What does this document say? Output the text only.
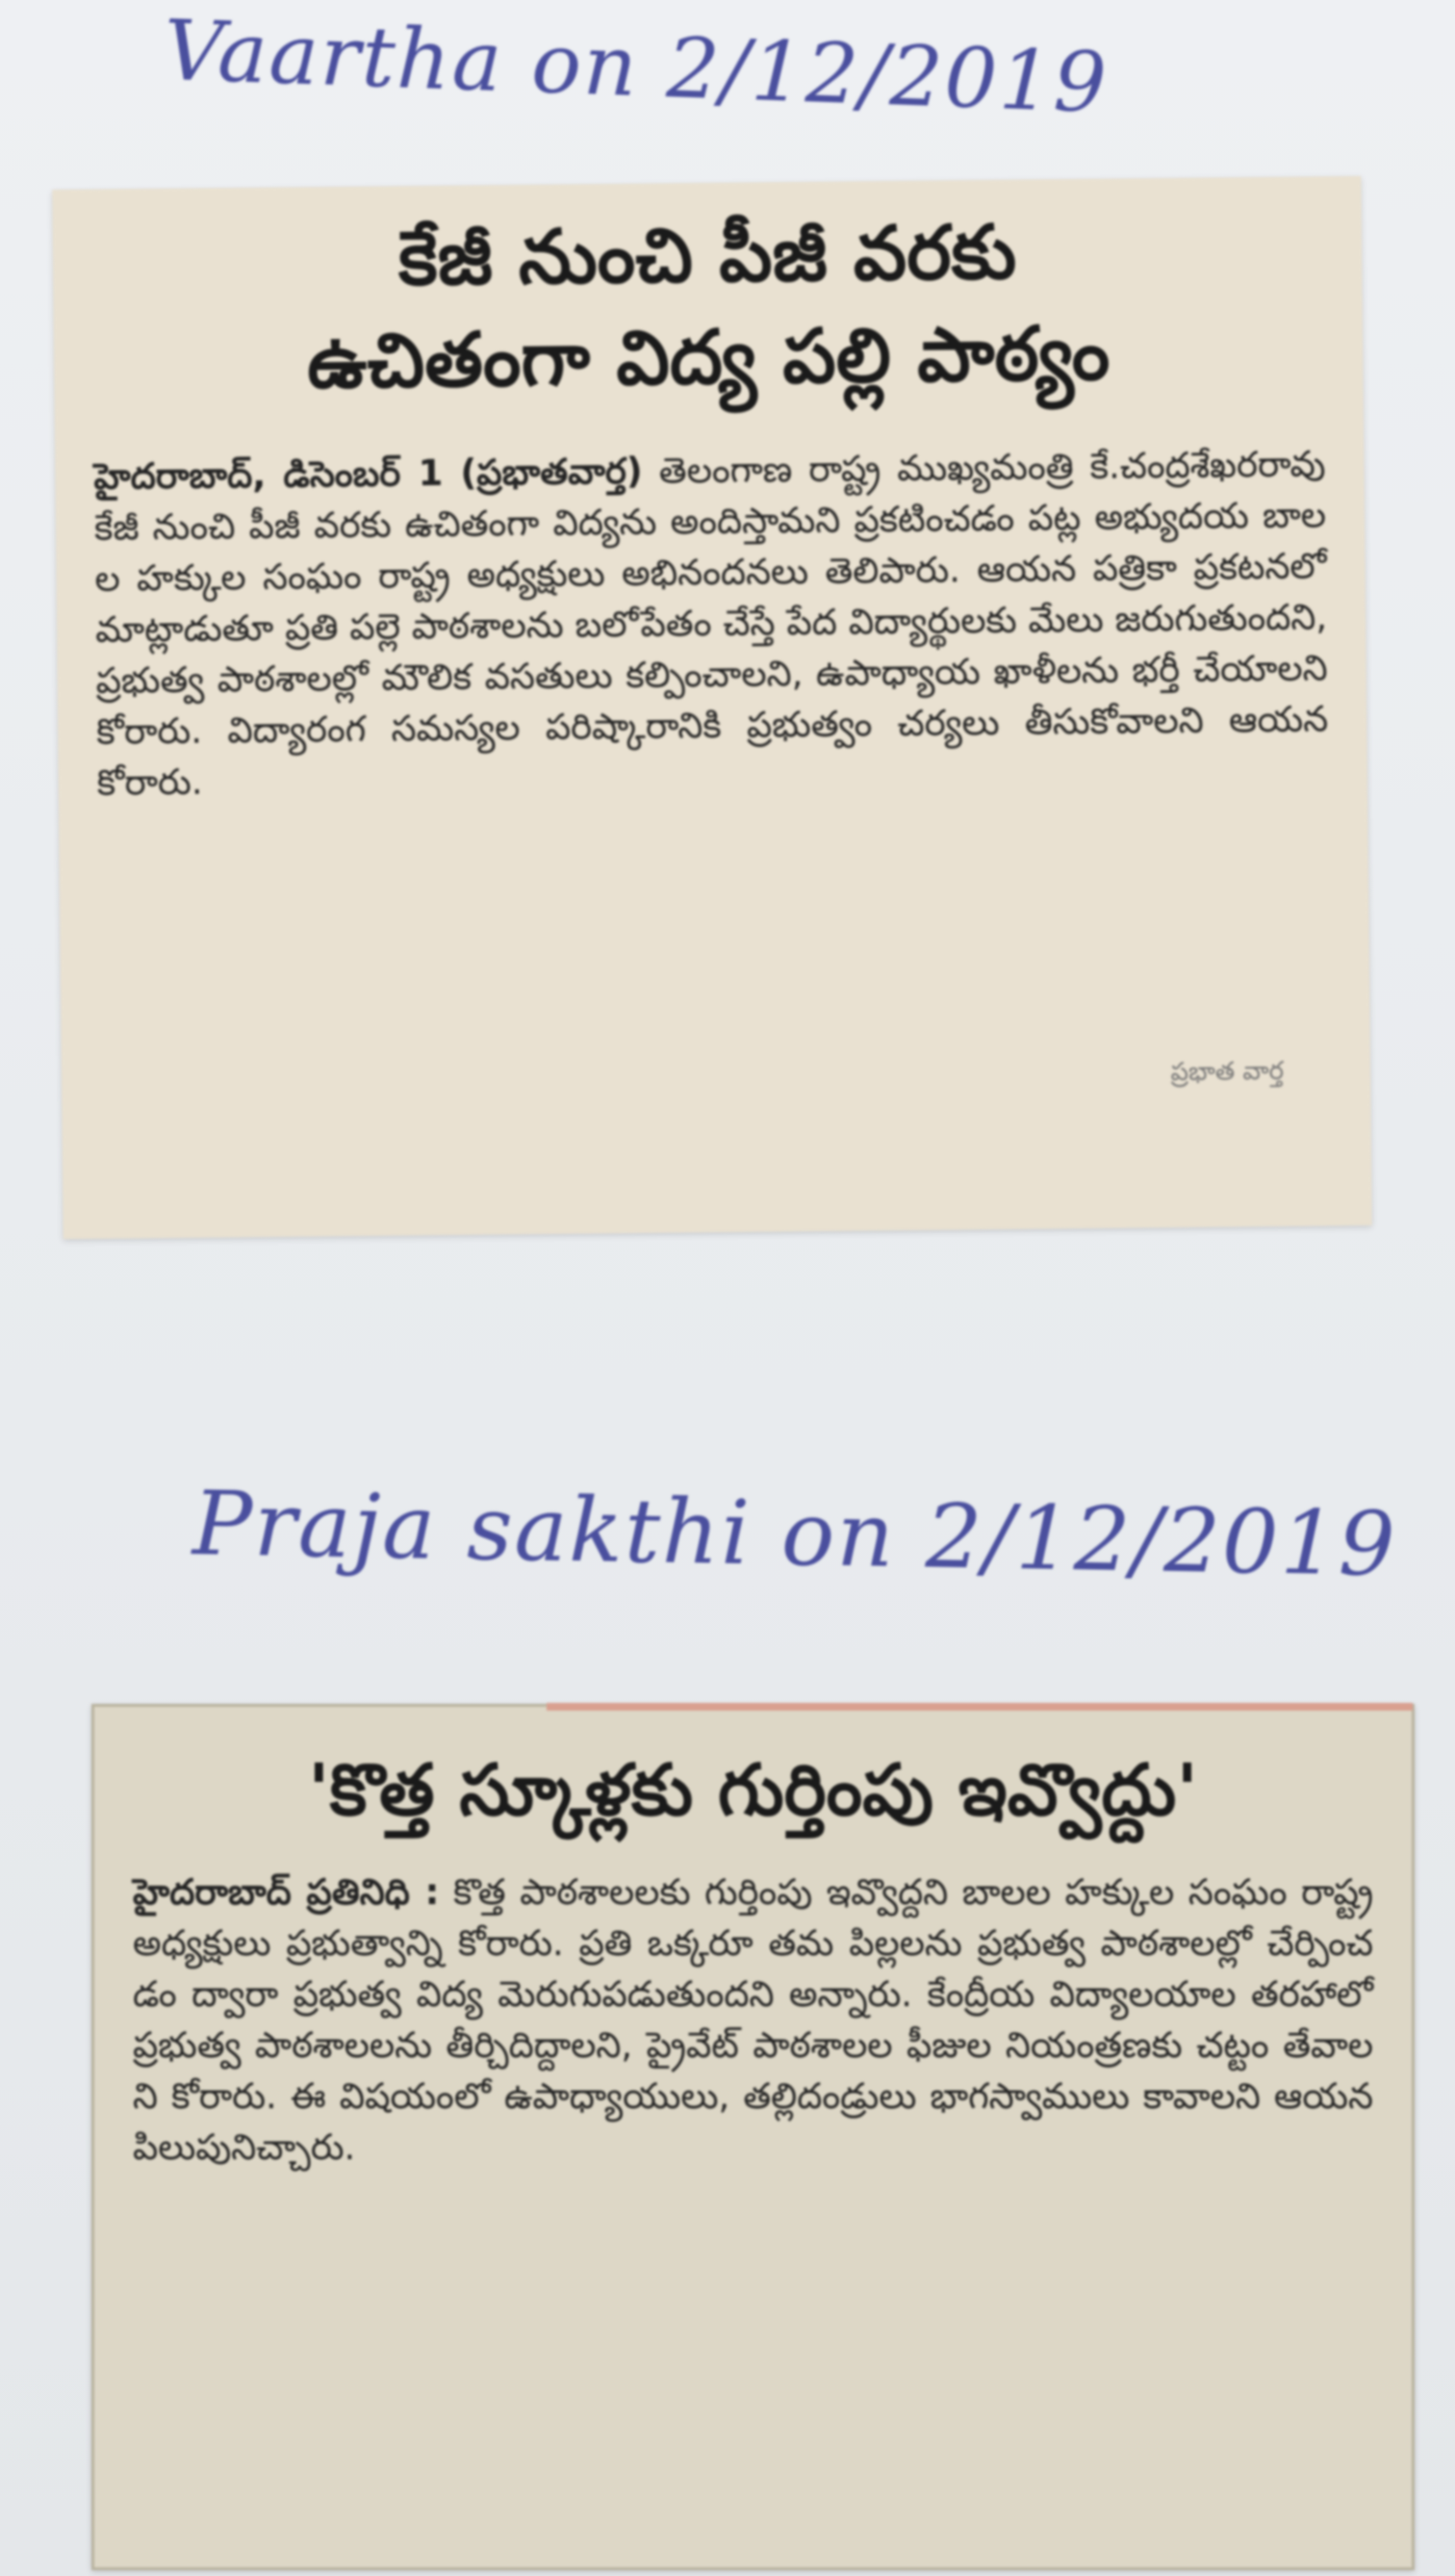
Vaartha on 2/12/2019
కేజీ నుంచి పీజీ వరకు
ఉచితంగా విద్య పల్లి పాఠ్యం
హైదరాబాద్, డిసెంబర్ 1 (ప్రభాతవార్త) తెలంగాణ రాష్ట్ర ముఖ్యమంత్రి కే.చంద్రశేఖరరావు కేజీ నుంచి పీజీ వరకు ఉచితంగా విద్యను అందిస్తామని ప్రకటించడం పట్ల అభ్యుదయ బాలల హక్కుల సంఘం రాష్ట్ర అధ్యక్షులు అభినందనలు తెలిపారు. ఆయన పత్రికా ప్రకటనలో మాట్లాడుతూ ప్రతి పల్లె పాఠశాలను బలోపేతం చేస్తే పేద విద్యార్థులకు మేలు జరుగుతుందని, ప్రభుత్వ పాఠశాలల్లో మౌలిక వసతులు కల్పించాలని, ఉపాధ్యాయ ఖాళీలను భర్తీ చేయాలని కోరారు. విద్యారంగ సమస్యల పరిష్కారానికి ప్రభుత్వం చర్యలు తీసుకోవాలని ఆయన కోరారు.
ప్రభాత వార్త
Praja sakthi on 2/12/2019
'కొత్త స్కూళ్లకు గుర్తింపు ఇవ్వొద్దు'
హైదరాబాద్ ప్రతినిధి : కొత్త పాఠశాలలకు గుర్తింపు ఇవ్వొద్దని బాలల హక్కుల సంఘం రాష్ట్ర అధ్యక్షులు ప్రభుత్వాన్ని కోరారు. ప్రతి ఒక్కరూ తమ పిల్లలను ప్రభుత్వ పాఠశాలల్లో చేర్పించడం ద్వారా ప్రభుత్వ విద్య మెరుగుపడుతుందని అన్నారు. కేంద్రీయ విద్యాలయాల తరహాలో ప్రభుత్వ పాఠశాలలను తీర్చిదిద్దాలని, ప్రైవేట్ పాఠశాలల ఫీజుల నియంత్రణకు చట్టం తేవాలని కోరారు. ఈ విషయంలో ఉపాధ్యాయులు, తల్లిదండ్రులు భాగస్వాములు కావాలని ఆయన పిలుపునిచ్చారు.
